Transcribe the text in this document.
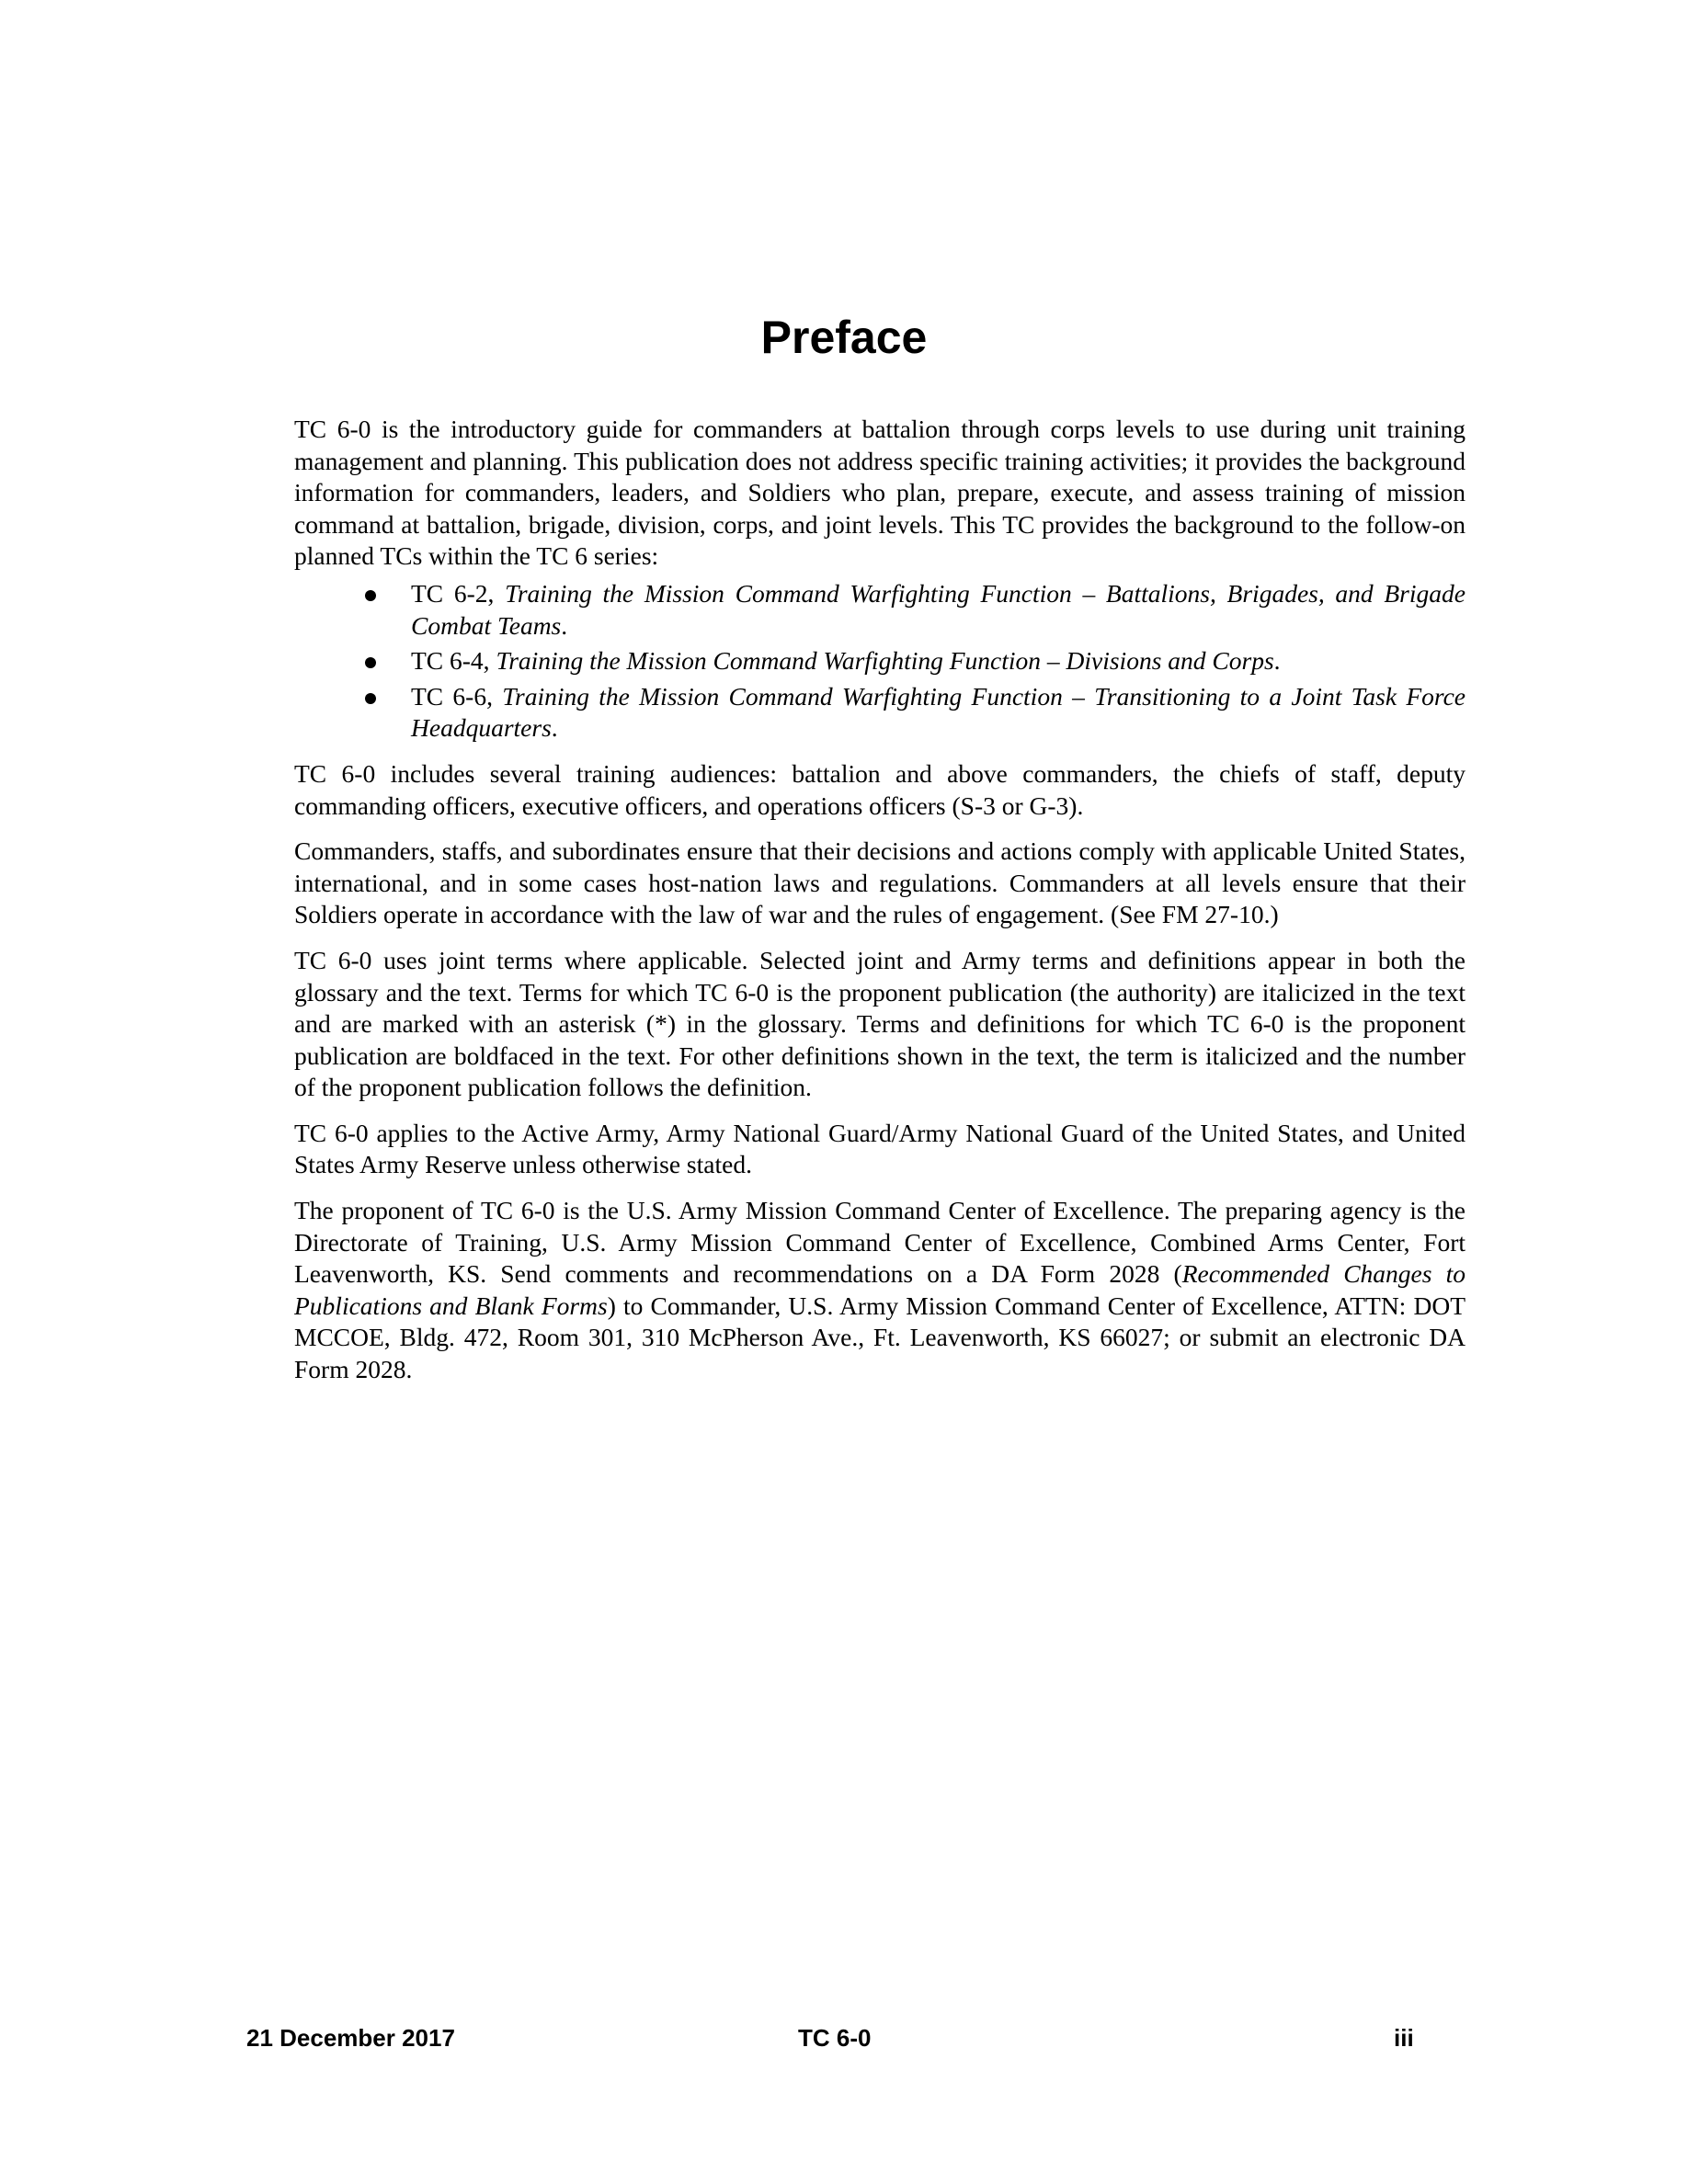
Preface

TC 6-0 is the introductory guide for commanders at battalion through corps levels to use during unit training management and planning. This publication does not address specific training activities; it provides the background information for commanders, leaders, and Soldiers who plan, prepare, execute, and assess training of mission command at battalion, brigade, division, corps, and joint levels. This TC provides the background to the follow-on planned TCs within the TC 6 series:

TC 6-2, Training the Mission Command Warfighting Function – Battalions, Brigades, and Brigade Combat Teams.
TC 6-4, Training the Mission Command Warfighting Function – Divisions and Corps.
TC 6-6, Training the Mission Command Warfighting Function – Transitioning to a Joint Task Force Headquarters.

TC 6-0 includes several training audiences: battalion and above commanders, the chiefs of staff, deputy commanding officers, executive officers, and operations officers (S-3 or G-3).

Commanders, staffs, and subordinates ensure that their decisions and actions comply with applicable United States, international, and in some cases host-nation laws and regulations. Commanders at all levels ensure that their Soldiers operate in accordance with the law of war and the rules of engagement. (See FM 27-10.)

TC 6-0 uses joint terms where applicable. Selected joint and Army terms and definitions appear in both the glossary and the text. Terms for which TC 6-0 is the proponent publication (the authority) are italicized in the text and are marked with an asterisk (*) in the glossary. Terms and definitions for which TC 6-0 is the proponent publication are boldfaced in the text. For other definitions shown in the text, the term is italicized and the number of the proponent publication follows the definition.

TC 6-0 applies to the Active Army, Army National Guard/Army National Guard of the United States, and United States Army Reserve unless otherwise stated.

The proponent of TC 6-0 is the U.S. Army Mission Command Center of Excellence. The preparing agency is the Directorate of Training, U.S. Army Mission Command Center of Excellence, Combined Arms Center, Fort Leavenworth, KS. Send comments and recommendations on a DA Form 2028 (Recommended Changes to Publications and Blank Forms) to Commander, U.S. Army Mission Command Center of Excellence, ATTN: DOT MCCOE, Bldg. 472, Room 301, 310 McPherson Ave., Ft. Leavenworth, KS 66027; or submit an electronic DA Form 2028.

21 December 2017	TC 6-0	iii
